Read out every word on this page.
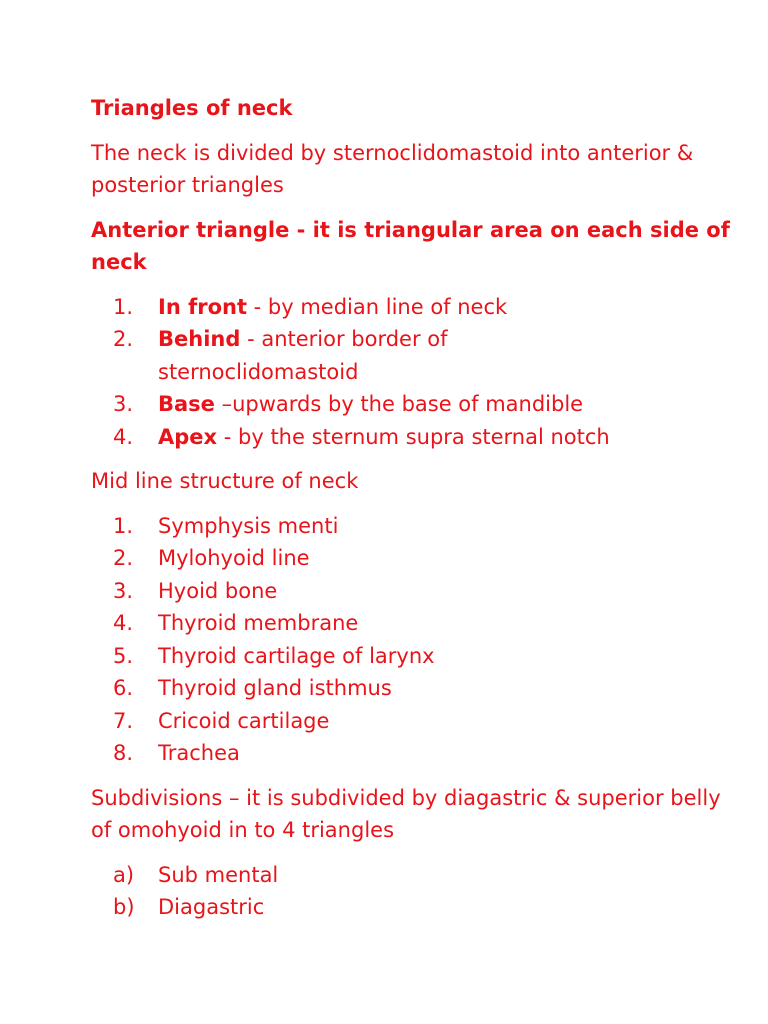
Triangles of neck
The neck is divided by sternoclidomastoid into anterior & posterior triangles
Anterior triangle - it is triangular area on each side of neck
1. In front - by median line of neck
2. Behind - anterior border of sternoclidomastoid
3. Base –upwards by the base of mandible
4. Apex - by the sternum supra sternal notch
Mid line structure of neck
1. Symphysis menti
2. Mylohyoid line
3. Hyoid bone
4. Thyroid membrane
5. Thyroid cartilage of larynx
6. Thyroid gland isthmus
7. Cricoid cartilage
8. Trachea
Subdivisions – it is subdivided by diagastric & superior belly of omohyoid in to 4 triangles
a) Sub mental
b) Diagastric
